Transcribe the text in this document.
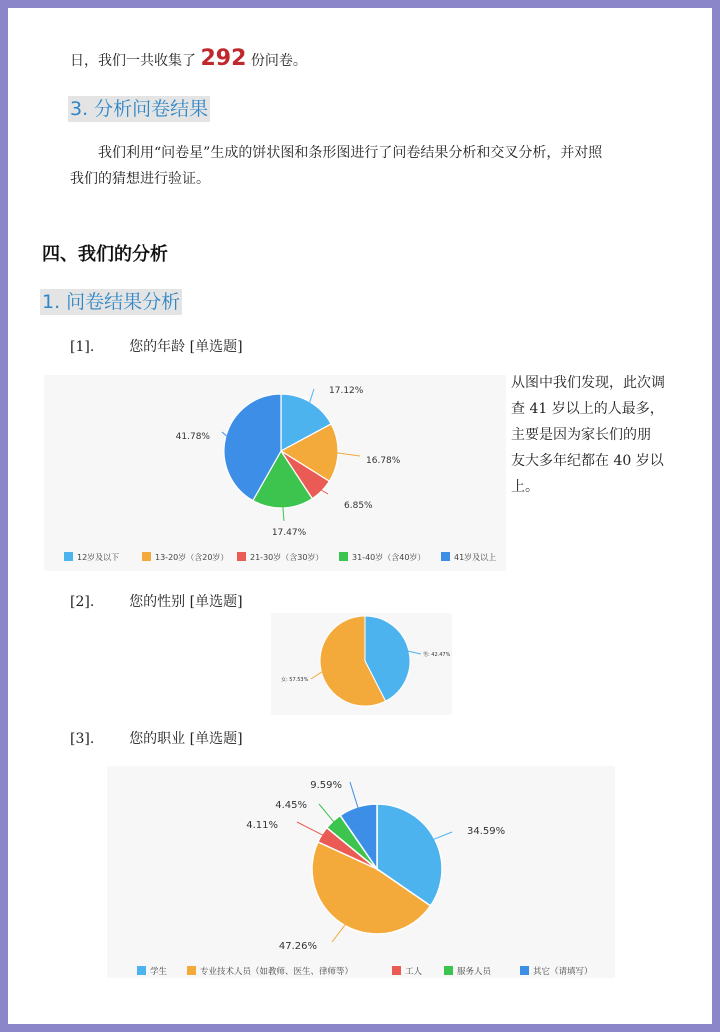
日，我们一共收集了 292 份问卷。
3. 分析问卷结果
我们利用“问卷星”生成的饼状图和条形图进行了问卷结果分析和交叉分析，并对照
我们的猜想进行验证。
四、我们的分析
1. 问卷结果分析
[1]. 您的年龄 [单选题]
17.12%
16.78%
6.85%
17.47%
41.78%
12岁及以下	13-20岁（含20岁）	21-30岁（含30岁）	31-40岁（含40岁）	41岁及以上
从图中我们发现，此次调
查 41 岁以上的人最多，
主要是因为家长们的朋
友大多年纪都在 40 岁以
上。
[2]. 您的性别 [单选题]
男: 42.47%
女: 57.53%
[3]. 您的职业 [单选题]
34.59%
47.26%
4.11%
4.45%
9.59%
学生	专业技术人员（如教师、医生、律师等）	工人	服务人员	其它（请填写）
